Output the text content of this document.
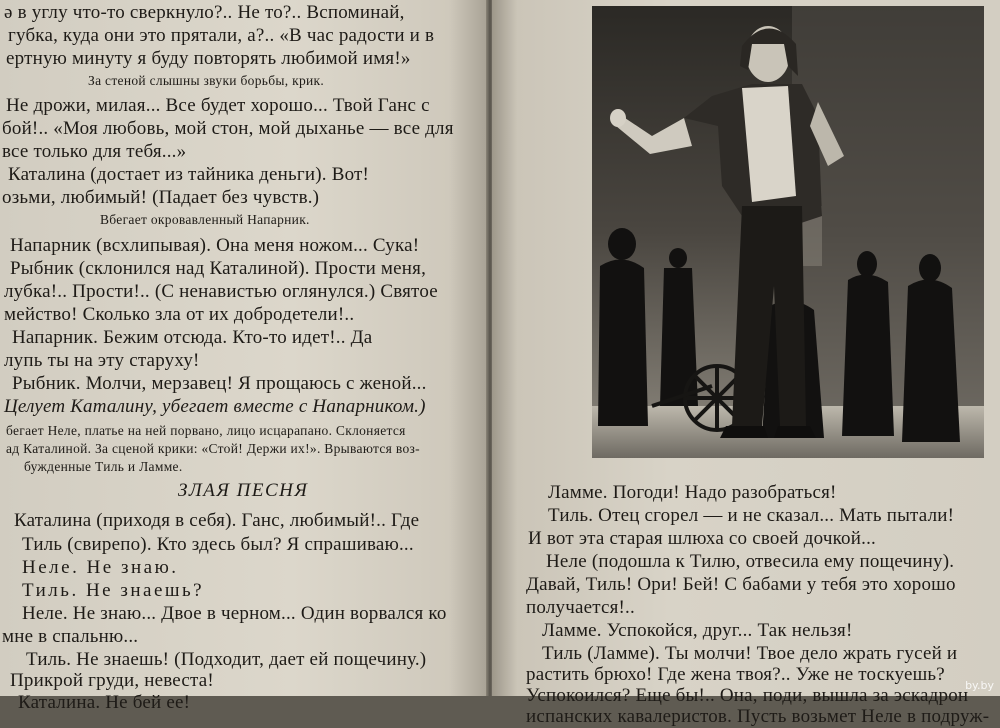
ǝ в углу что-то сверкнуло?.. Не то?.. Вспоминай,
губка, куда они это прятали, а?.. «В час радости и в
ертную минуту я буду повторять любимой имя!»
За стеной слышны звуки борьбы, крик.
Не дрожи, милая... Все будет хорошо... Твой Ганс с
бой!.. «Моя любовь, мой стон, мой дыханье — все для
все только для тебя...»
Каталина (достает из тайника деньги). Вот!
озьми, любимый! (Падает без чувств.)
Вбегает окровавленный Напарник.
Напарник (всхлипывая). Она меня ножом... Сука!
Рыбник (склонился над Каталиной). Прости меня,
лубка!.. Прости!.. (С ненавистью оглянулся.) Святое
мейство! Сколько зла от их добродетели!..
Напарник. Бежим отсюда. Кто-то идет!.. Да
лупь ты на эту старуху!
Рыбник. Молчи, мерзавец! Я прощаюсь с женой...
Целует Каталину, убегает вместе с Напарником.)
бегает Неле, платье на ней порвано, лицо исцарапано. Склоняется
ад Каталиной. За сценой крики: «Стой! Держи их!». Врываются воз-
бужденные Тиль и Ламме.
ЗЛАЯ ПЕСНЯ
Каталина (приходя в себя). Ганс, любимый!.. Где
Тиль (свирепо). Кто здесь был? Я спрашиваю...
Неле. Не знаю.
Тиль. Не знаешь?
Неле. Не знаю... Двое в черном... Один ворвался ко
мне в спальню...
Тиль. Не знаешь! (Подходит, дает ей пощечину.)
Прикрой груди, невеста!
Каталина. Не бей ее!
Ламме. Погоди! Надо разобраться!
Тиль. Отец сгорел — и не сказал... Мать пытали!
И вот эта старая шлюха со своей дочкой...
Неле (подошла к Тилю, отвесила ему пощечину).
Давай, Тиль! Ори! Бей! С бабами у тебя это хорошо
получается!..
Ламме. Успокойся, друг... Так нельзя!
Тиль (Ламме). Ты молчи! Твое дело жрать гусей и
растить брюхо! Где жена твоя?.. Уже не тоскуешь?
Успокоился? Еще бы!.. Она, поди, вышла за эскадрон
испанских кавалеристов. Пусть возьмет Неле в подруж-
by.by
